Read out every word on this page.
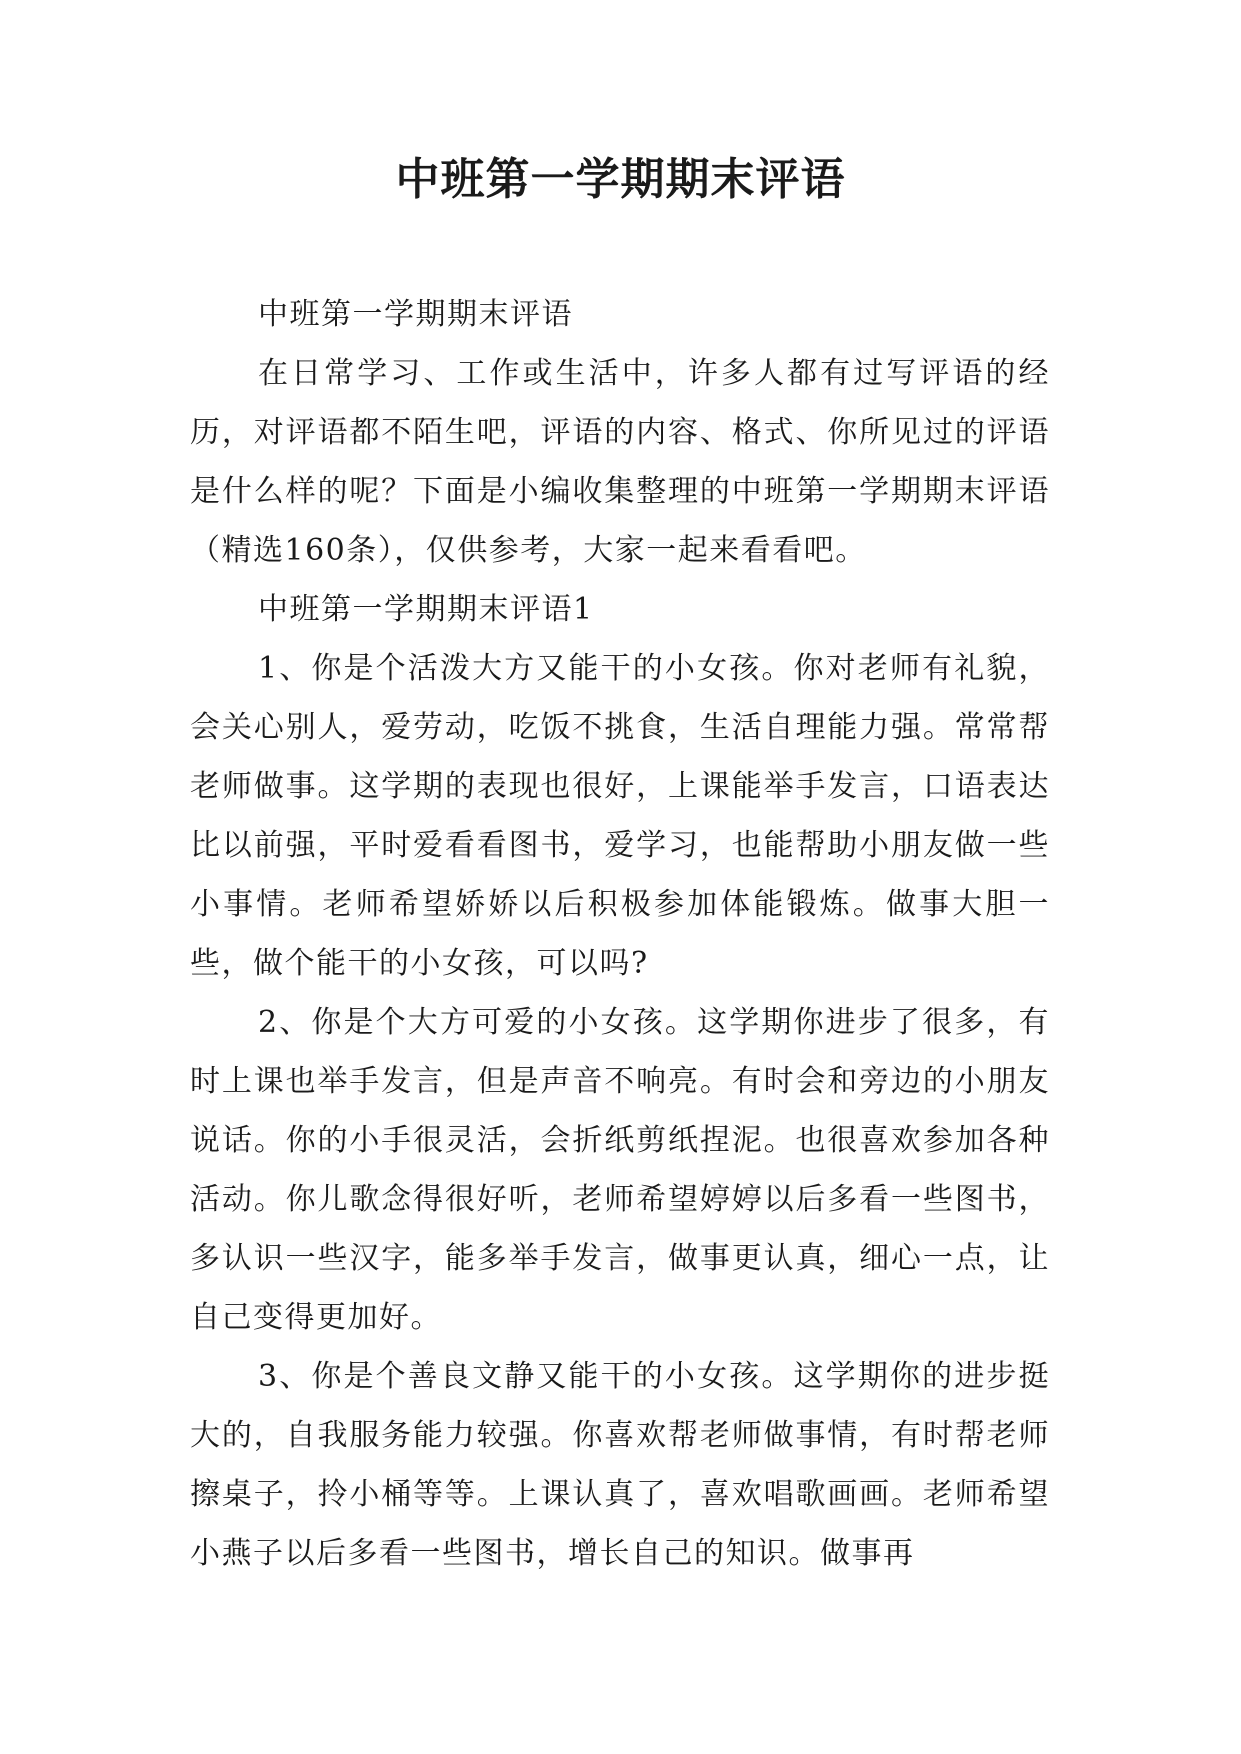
中班第一学期期末评语

中班第一学期期末评语

在日常学习、工作或生活中，许多人都有过写评语的经历，对评语都不陌生吧，评语的内容、格式、你所见过的评语是什么样的呢？下面是小编收集整理的中班第一学期期末评语（精选160条），仅供参考，大家一起来看看吧。

中班第一学期期末评语1

1、你是个活泼大方又能干的小女孩。你对老师有礼貌，会关心别人，爱劳动，吃饭不挑食，生活自理能力强。常常帮老师做事。这学期的表现也很好，上课能举手发言，口语表达比以前强，平时爱看看图书，爱学习，也能帮助小朋友做一些小事情。老师希望娇娇以后积极参加体能锻炼。做事大胆一些，做个能干的小女孩，可以吗?

2、你是个大方可爱的小女孩。这学期你进步了很多，有时上课也举手发言，但是声音不响亮。有时会和旁边的小朋友说话。你的小手很灵活，会折纸剪纸捏泥。也很喜欢参加各种活动。你儿歌念得很好听，老师希望婷婷以后多看一些图书，多认识一些汉字，能多举手发言，做事更认真，细心一点，让自己变得更加好。

3、你是个善良文静又能干的小女孩。这学期你的进步挺大的，自我服务能力较强。你喜欢帮老师做事情，有时帮老师擦桌子，拎小桶等等。上课认真了，喜欢唱歌画画。老师希望小燕子以后多看一些图书，增长自己的知识。做事再
